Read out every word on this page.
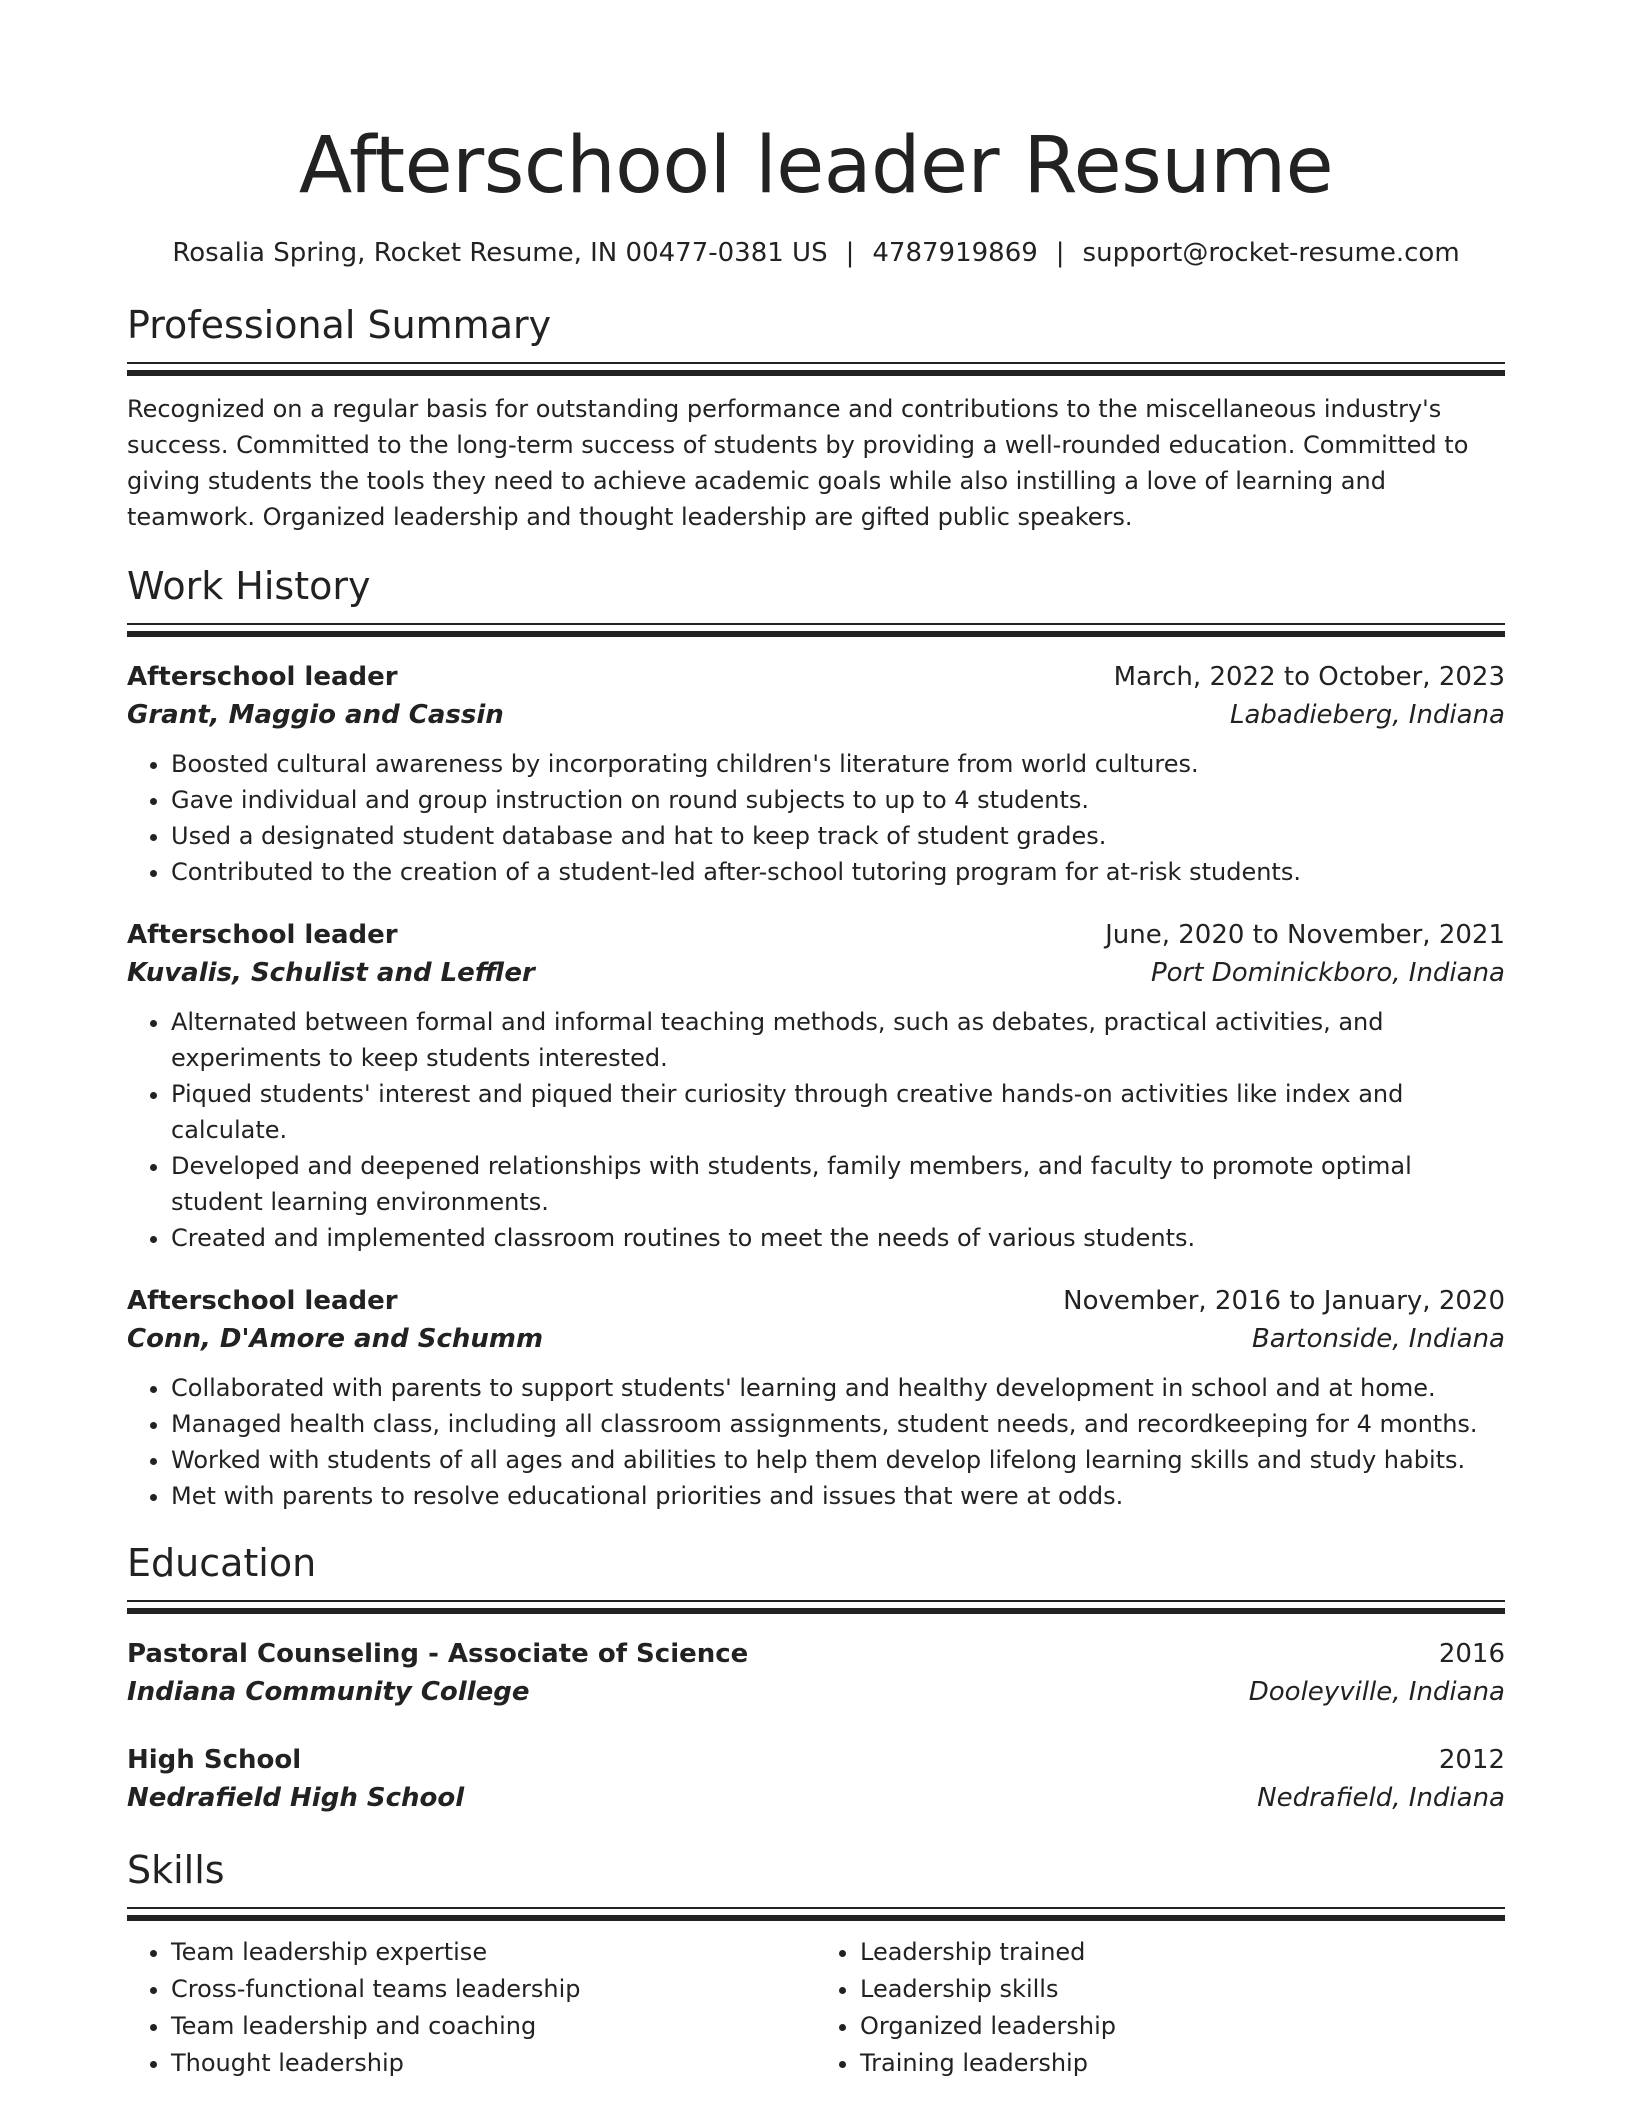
Afterschool leader Resume
Rosalia Spring, Rocket Resume, IN 00477-0381 US | 4787919869 | support@rocket-resume.com
Professional Summary

Recognized on a regular basis for outstanding performance and contributions to the miscellaneous industry's success. Committed to the long-term success of students by providing a well-rounded education. Committed to giving students the tools they need to achieve academic goals while also instilling a love of learning and teamwork. Organized leadership and thought leadership are gifted public speakers.

Work History
Afterschool leader	March, 2022 to October, 2023
Grant, Maggio and Cassin	Labadieberg, Indiana
• Boosted cultural awareness by incorporating children's literature from world cultures.
• Gave individual and group instruction on round subjects to up to 4 students.
• Used a designated student database and hat to keep track of student grades.
• Contributed to the creation of a student-led after-school tutoring program for at-risk students.
Afterschool leader	June, 2020 to November, 2021
Kuvalis, Schulist and Leffler	Port Dominickboro, Indiana
• Alternated between formal and informal teaching methods, such as debates, practical activities, and experiments to keep students interested.
• Piqued students' interest and piqued their curiosity through creative hands-on activities like index and calculate.
• Developed and deepened relationships with students, family members, and faculty to promote optimal student learning environments.
• Created and implemented classroom routines to meet the needs of various students.
Afterschool leader	November, 2016 to January, 2020
Conn, D'Amore and Schumm	Bartonside, Indiana
• Collaborated with parents to support students' learning and healthy development in school and at home.
• Managed health class, including all classroom assignments, student needs, and recordkeeping for 4 months.
• Worked with students of all ages and abilities to help them develop lifelong learning skills and study habits.
• Met with parents to resolve educational priorities and issues that were at odds.
Education
Pastoral Counseling - Associate of Science	2016
Indiana Community College	Dooleyville, Indiana
High School	2012
Nedrafield High School	Nedrafield, Indiana
Skills
• Team leadership expertise
• Cross-functional teams leadership
• Team leadership and coaching
• Thought leadership
• Leadership trained
• Leadership skills
• Organized leadership
• Training leadership
